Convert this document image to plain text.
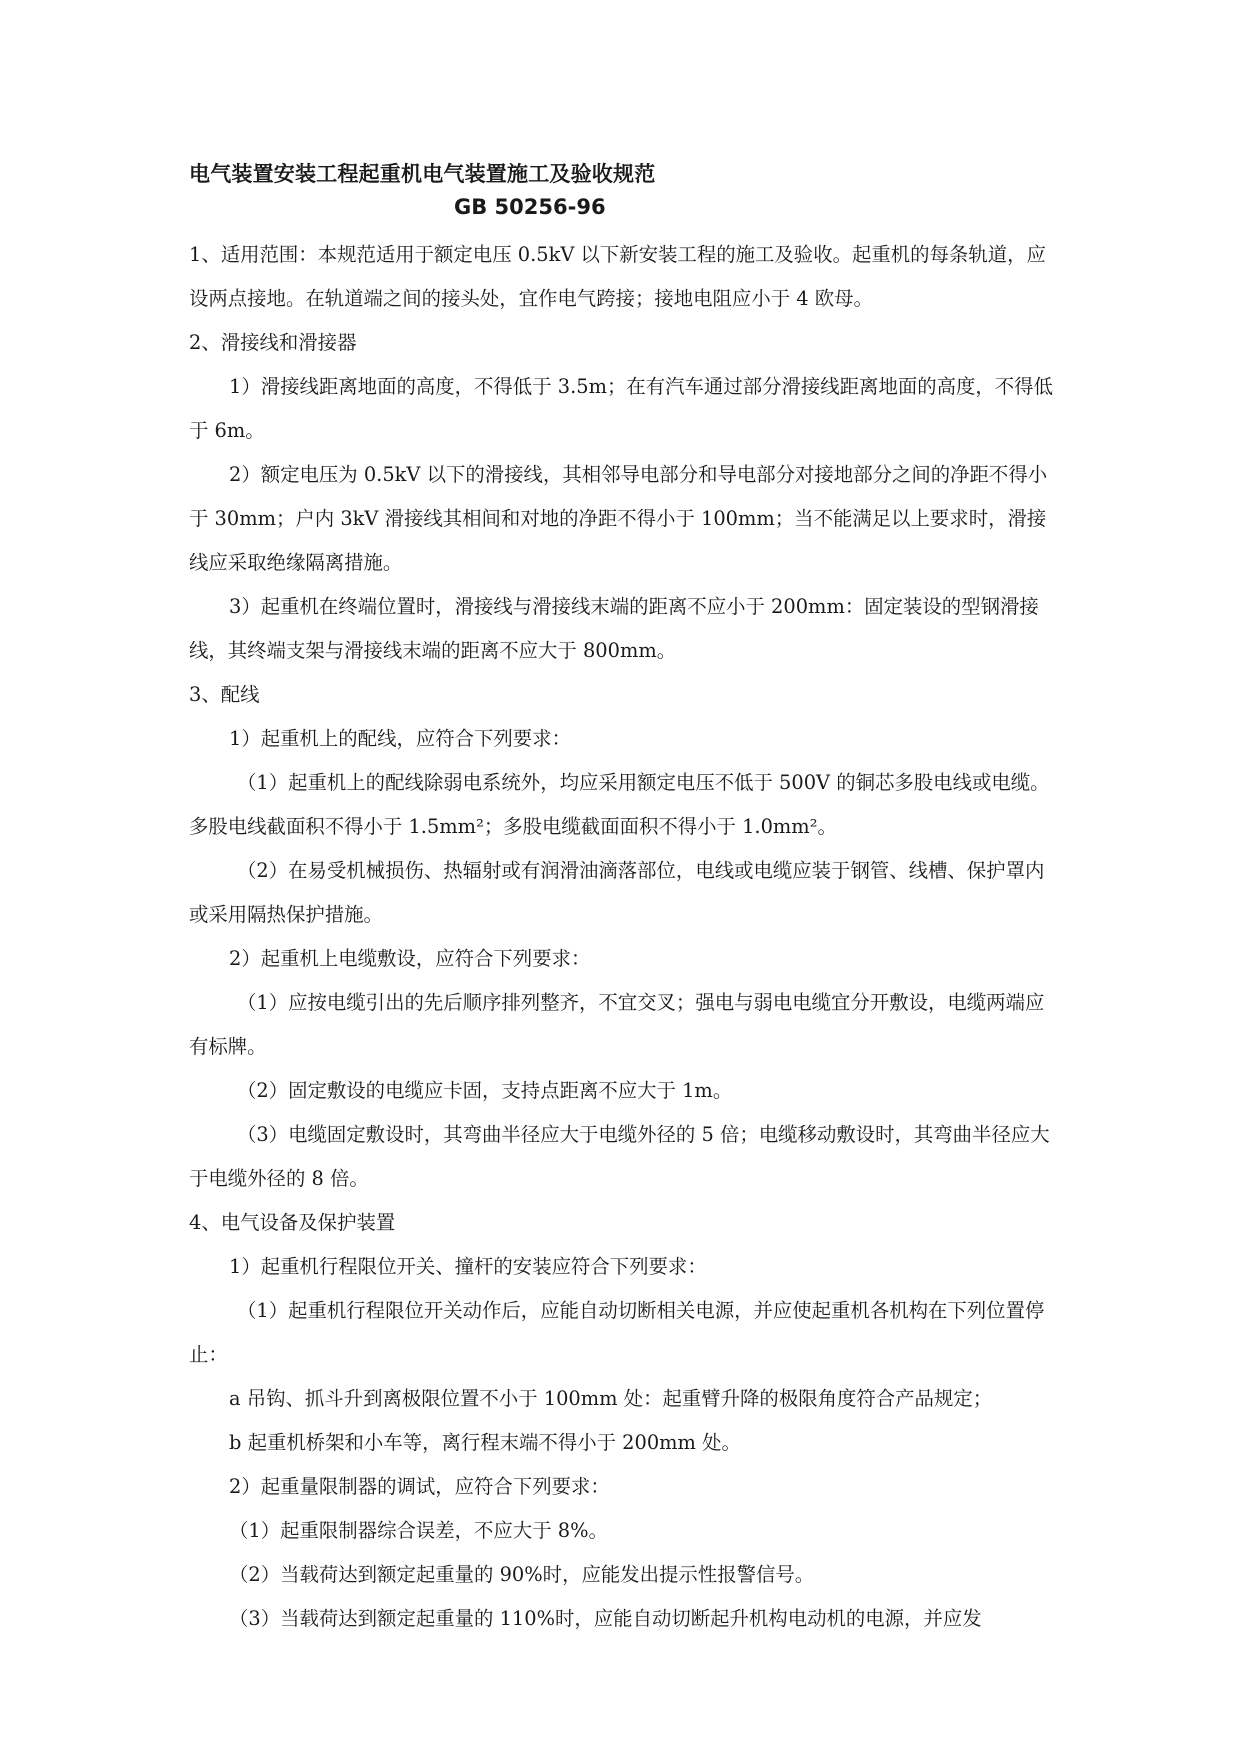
电气装置安装工程起重机电气装置施工及验收规范

GB 50256-96

1、适用范围：本规范适用于额定电压 0.5kV 以下新安装工程的施工及验收。起重机的每条轨道，应设两点接地。在轨道端之间的接头处，宜作电气跨接；接地电阻应小于 4 欧母。

2、滑接线和滑接器

1）滑接线距离地面的高度，不得低于 3.5m；在有汽车通过部分滑接线距离地面的高度，不得低于 6m。

2）额定电压为 0.5kV 以下的滑接线，其相邻导电部分和导电部分对接地部分之间的净距不得小于 30mm；户内 3kV 滑接线其相间和对地的净距不得小于 100mm；当不能满足以上要求时，滑接线应采取绝缘隔离措施。

3）起重机在终端位置时，滑接线与滑接线末端的距离不应小于 200mm：固定装设的型钢滑接线，其终端支架与滑接线末端的距离不应大于 800mm。

3、配线

1）起重机上的配线，应符合下列要求：

（1）起重机上的配线除弱电系统外，均应采用额定电压不低于 500V 的铜芯多股电线或电缆。多股电线截面积不得小于 1.5mm²；多股电缆截面面积不得小于 1.0mm²。

（2）在易受机械损伤、热辐射或有润滑油滴落部位，电线或电缆应装于钢管、线槽、保护罩内或采用隔热保护措施。

2）起重机上电缆敷设，应符合下列要求：

（1）应按电缆引出的先后顺序排列整齐，不宜交叉；强电与弱电电缆宜分开敷设，电缆两端应有标牌。

（2）固定敷设的电缆应卡固，支持点距离不应大于 1m。

（3）电缆固定敷设时，其弯曲半径应大于电缆外径的 5 倍；电缆移动敷设时，其弯曲半径应大于电缆外径的 8 倍。

4、电气设备及保护装置

1）起重机行程限位开关、撞杆的安装应符合下列要求：

（1）起重机行程限位开关动作后，应能自动切断相关电源，并应使起重机各机构在下列位置停止：

a 吊钩、抓斗升到离极限位置不小于 100mm 处：起重臂升降的极限角度符合产品规定；

b 起重机桥架和小车等，离行程末端不得小于 200mm 处。

2）起重量限制器的调试，应符合下列要求：

（1）起重限制器综合误差，不应大于 8%。

（2）当载荷达到额定起重量的 90%时，应能发出提示性报警信号。

（3）当载荷达到额定起重量的 110%时，应能自动切断起升机构电动机的电源，并应发
